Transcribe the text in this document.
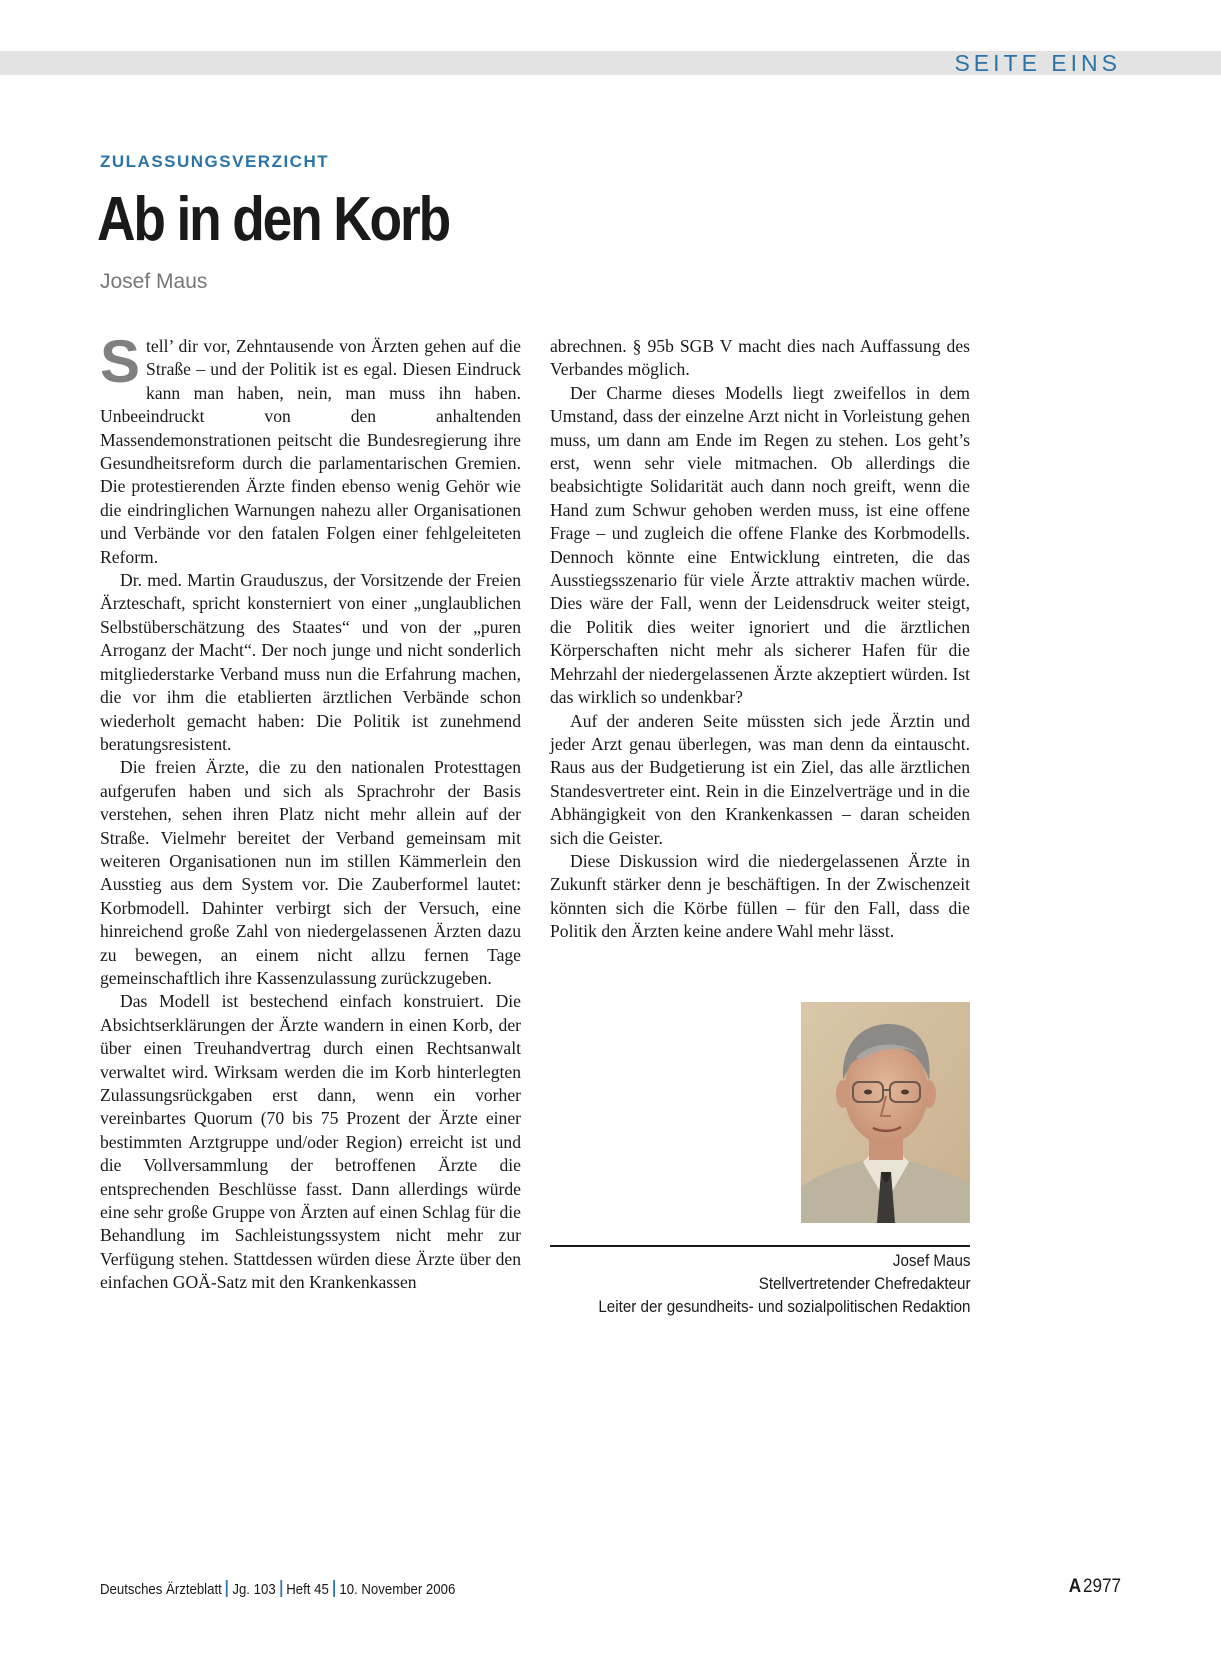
SEITE EINS
ZULASSUNGSVERZICHT
Ab in den Korb
Josef Maus

Stell’ dir vor, Zehntausende von Ärzten gehen auf die Straße – und der Politik ist es egal. Diesen Eindruck kann man haben, nein, man muss ihn haben. Unbeeindruckt von den anhaltenden Massendemonstrationen peitscht die Bundesregierung ihre Gesundheitsreform durch die parlamentarischen Gremien. Die protestierenden Ärzte finden ebenso wenig Gehör wie die eindringlichen Warnungen nahezu aller Organisationen und Verbände vor den fatalen Folgen einer fehlgeleiteten Reform.

Dr. med. Martin Grauduszus, der Vorsitzende der Freien Ärzteschaft, spricht konsterniert von einer „unglaublichen Selbstüberschätzung des Staates“ und von der „puren Arroganz der Macht“. Der noch junge und nicht sonderlich mitgliederstarke Verband muss nun die Erfahrung machen, die vor ihm die etablierten ärztlichen Verbände schon wiederholt gemacht haben: Die Politik ist zunehmend beratungsresistent.

Die freien Ärzte, die zu den nationalen Protesttagen aufgerufen haben und sich als Sprachrohr der Basis verstehen, sehen ihren Platz nicht mehr allein auf der Straße. Vielmehr bereitet der Verband gemeinsam mit weiteren Organisationen nun im stillen Kämmerlein den Ausstieg aus dem System vor. Die Zauberformel lautet: Korbmodell. Dahinter verbirgt sich der Versuch, eine hinreichend große Zahl von niedergelassenen Ärzten dazu zu bewegen, an einem nicht allzu fernen Tage gemeinschaftlich ihre Kassenzulassung zurückzugeben.

Das Modell ist bestechend einfach konstruiert. Die Absichtserklärungen der Ärzte wandern in einen Korb, der über einen Treuhandvertrag durch einen Rechtsanwalt verwaltet wird. Wirksam werden die im Korb hinterlegten Zulassungsrückgaben erst dann, wenn ein vorher vereinbartes Quorum (70 bis 75 Prozent der Ärzte einer bestimmten Arztgruppe und/oder Region) erreicht ist und die Vollversammlung der betroffenen Ärzte die entsprechenden Beschlüsse fasst. Dann allerdings würde eine sehr große Gruppe von Ärzten auf einen Schlag für die Behandlung im Sachleistungssystem nicht mehr zur Verfügung stehen. Stattdessen würden diese Ärzte über den einfachen GOÄ-Satz mit den Krankenkassen

abrechnen. § 95b SGB V macht dies nach Auffassung des Verbandes möglich.

Der Charme dieses Modells liegt zweifellos in dem Umstand, dass der einzelne Arzt nicht in Vorleistung gehen muss, um dann am Ende im Regen zu stehen. Los geht’s erst, wenn sehr viele mitmachen. Ob allerdings die beabsichtigte Solidarität auch dann noch greift, wenn die Hand zum Schwur gehoben werden muss, ist eine offene Frage – und zugleich die offene Flanke des Korbmodells. Dennoch könnte eine Entwicklung eintreten, die das Ausstiegsszenario für viele Ärzte attraktiv machen würde. Dies wäre der Fall, wenn der Leidensdruck weiter steigt, die Politik dies weiter ignoriert und die ärztlichen Körperschaften nicht mehr als sicherer Hafen für die Mehrzahl der niedergelassenen Ärzte akzeptiert würden. Ist das wirklich so undenkbar?

Auf der anderen Seite müssten sich jede Ärztin und jeder Arzt genau überlegen, was man denn da eintauscht. Raus aus der Budgetierung ist ein Ziel, das alle ärztlichen Standesvertreter eint. Rein in die Einzelverträge und in die Abhängigkeit von den Krankenkassen – daran scheiden sich die Geister.

Diese Diskussion wird die niedergelassenen Ärzte in Zukunft stärker denn je beschäftigen. In der Zwischenzeit könnten sich die Körbe füllen – für den Fall, dass die Politik den Ärzten keine andere Wahl mehr lässt.

Josef Maus
Stellvertretender Chefredakteur
Leiter der gesundheits- und sozialpolitischen Redaktion
Deutsches Ärzteblatt Jg. 103 Heft 45 10. November 2006	A2977
